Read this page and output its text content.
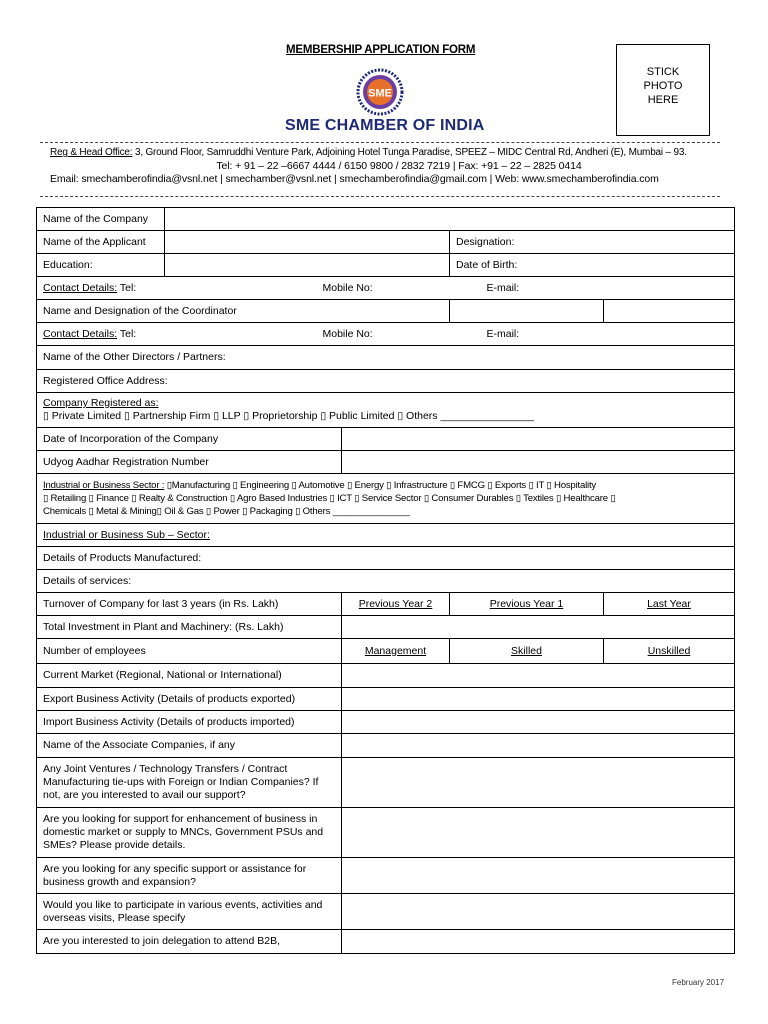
MEMBERSHIP APPLICATION FORM
STICK
PHOTO
HERE
SME
SME CHAMBER OF INDIA
Reg & Head Office: 3, Ground Floor, Samruddhi Venture Park, Adjoining Hotel Tunga Paradise, SPEEZ – MIDC Central Rd, Andheri (E), Mumbai – 93.
Tel: + 91 – 22 –6667 4444 / 6150 9800 / 2832 7219 | Fax: +91 – 22 – 2825 0414
Email: smechamberofindia@vsnl.net | smechamber@vsnl.net | smechamberofindia@gmail.com | Web: www.smechamberofindia.com
Name of the Company				
Name of the Applicant			Designation:	
Education:			Date of Birth:	
Contact Details: Tel: Mobile No: E-mail:				

Name and Designation of the Coordinator				
Contact Details: Tel: Mobile No: E-mail:				

Name of the Other Directors / Partners:				
Registered Office Address:				

Company Registered as:
▯ Private Limited ▯ Partnership Firm ▯ LLP ▯ Proprietorship ▯ Public Limited ▯ Others ________________				

Date of Incorporation of the Company				
Udyog Aadhar Registration Number				

Industrial or Business Sector : ▯Manufacturing ▯ Engineering ▯ Automotive ▯ Energy ▯ Infrastructure ▯ FMCG ▯ Exports ▯ IT ▯ Hospitality
▯ Retailing ▯ Finance ▯ Realty & Construction ▯ Agro Based Industries ▯ ICT ▯ Service Sector ▯ Consumer Durables ▯ Textiles ▯ Healthcare ▯
Chemicals ▯ Metal & Mining▯ Oil & Gas ▯ Power ▯ Packaging ▯ Others _______________				

Industrial or Business Sub – Sector:				
Details of Products Manufactured:				
Details of services:				
Turnover of Company for last 3 years (in Rs. Lakh)		Previous Year 2	Previous Year 1	Last Year
Total Investment in Plant and Machinery: (Rs. Lakh)				
Number of employees		Management	Skilled	Unskilled
Current Market (Regional, National or International)				
Export Business Activity (Details of products exported)				
Import Business Activity (Details of products imported)				
Name of the Associate Companies, if any				
Any Joint Ventures / Technology Transfers / Contract Manufacturing tie-ups with Foreign or Indian Companies? If not, are you interested to avail our support?				
Are you looking for support for enhancement of business in domestic market or supply to MNCs, Government PSUs and SMEs? Please provide details.				
Are you looking for any specific support or assistance for business growth and expansion?				
Would you like to participate in various events, activities and overseas visits, Please specify				
Are you interested to join delegation to attend B2B,				
February 2017
